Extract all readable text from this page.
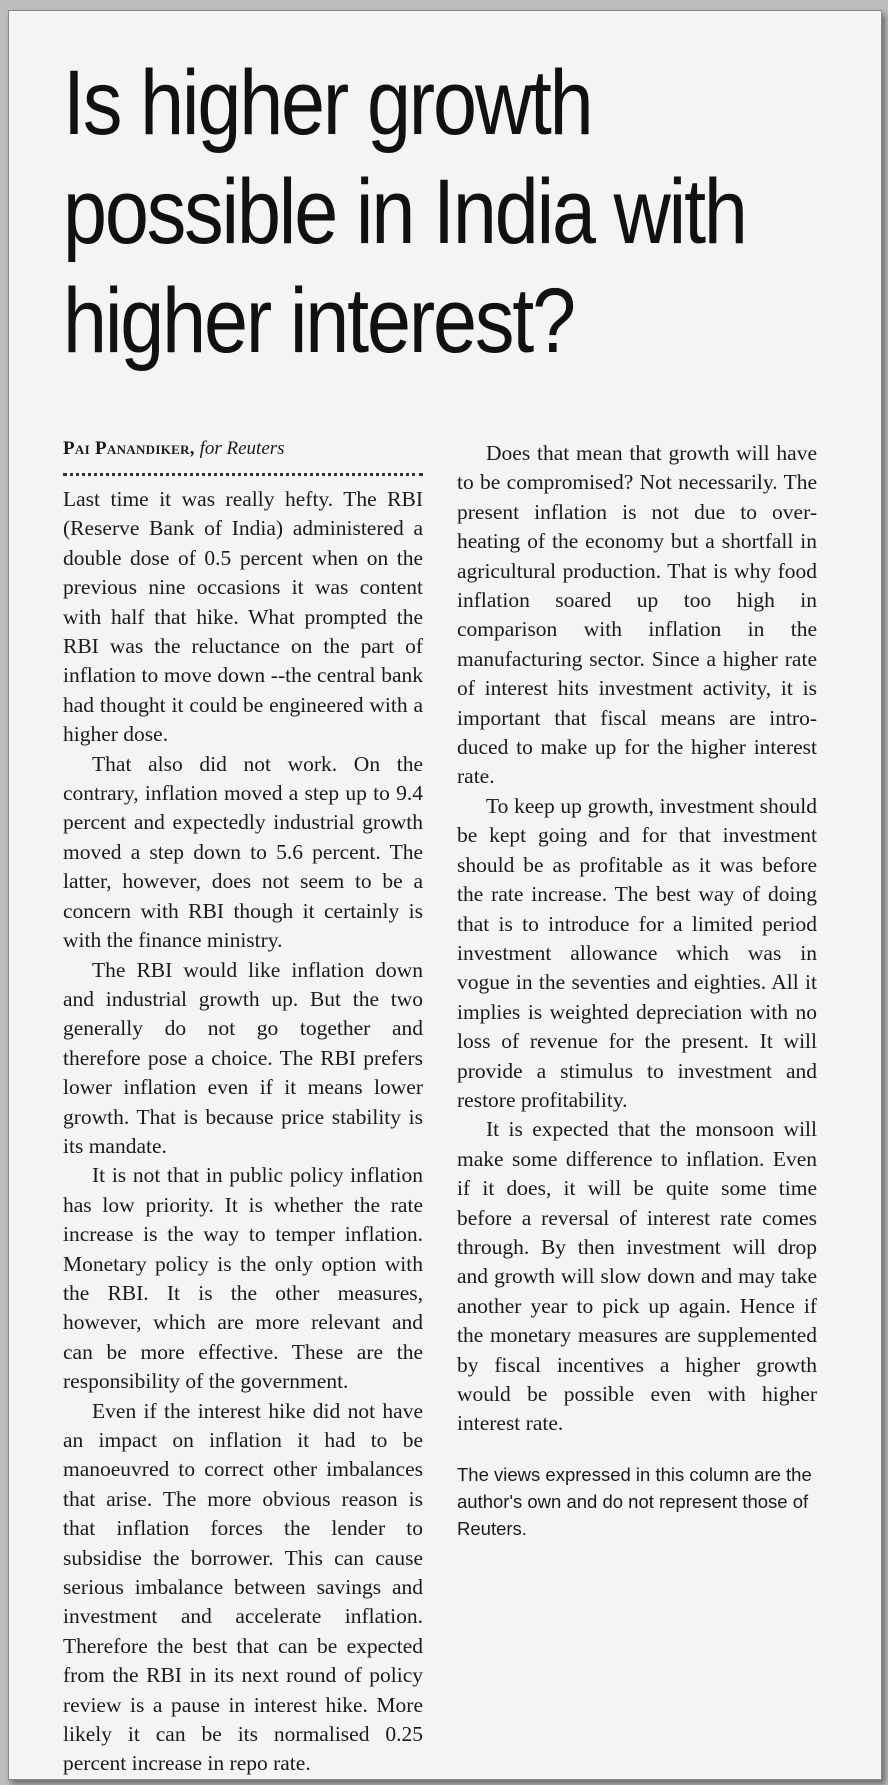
Is higher growth possible in India with higher interest?

Pai Panandiker, for Reuters

Last time it was really hefty. The RBI (Reserve Bank of India) administered a double dose of 0.5 percent when on the previous nine occasions it was content with half that hike. What prompted the RBI was the reluctance on the part of inflation to move down --the central bank had thought it could be engineered with a higher dose.

That also did not work. On the contrary, inflation moved a step up to 9.4 percent and expectedly industrial growth moved a step down to 5.6 percent. The latter, however, does not seem to be a concern with RBI though it certainly is with the finance ministry.

The RBI would like inflation down and industrial growth up. But the two generally do not go together and therefore pose a choice. The RBI prefers lower inflation even if it means lower growth. That is because price stability is its mandate.

It is not that in public policy inflation has low priority. It is whether the rate increase is the way to temper inflation. Monetary policy is the only option with the RBI. It is the other measures, however, which are more relevant and can be more effective. These are the responsibility of the government.

Even if the interest hike did not have an impact on inflation it had to be manoeuvred to correct other imbalances that arise. The more obvious reason is that inflation forces the lender to subsidise the borrower. This can cause serious imbalance between savings and investment and accelerate inflation. Therefore the best that can be expected from the RBI in its next round of policy review is a pause in interest hike. More likely it can be its normalised 0.25 percent increase in repo rate.

Does that mean that growth will have to be compromised? Not necessarily. The present inflation is not due to over-heating of the economy but a shortfall in agricultural production. That is why food inflation soared up too high in comparison with inflation in the manufacturing sector. Since a higher rate of interest hits investment activity, it is important that fiscal means are introduced to make up for the higher interest rate.

To keep up growth, investment should be kept going and for that investment should be as profitable as it was before the rate increase. The best way of doing that is to introduce for a limited period investment allowance which was in vogue in the seventies and eighties. All it implies is weighted depreciation with no loss of revenue for the present. It will provide a stimulus to investment and restore profitability.

It is expected that the monsoon will make some difference to inflation. Even if it does, it will be quite some time before a reversal of interest rate comes through. By then investment will drop and growth will slow down and may take another year to pick up again. Hence if the monetary measures are supplemented by fiscal incentives a higher growth would be possible even with higher interest rate.

The views expressed in this column are the author's own and do not represent those of Reuters.
